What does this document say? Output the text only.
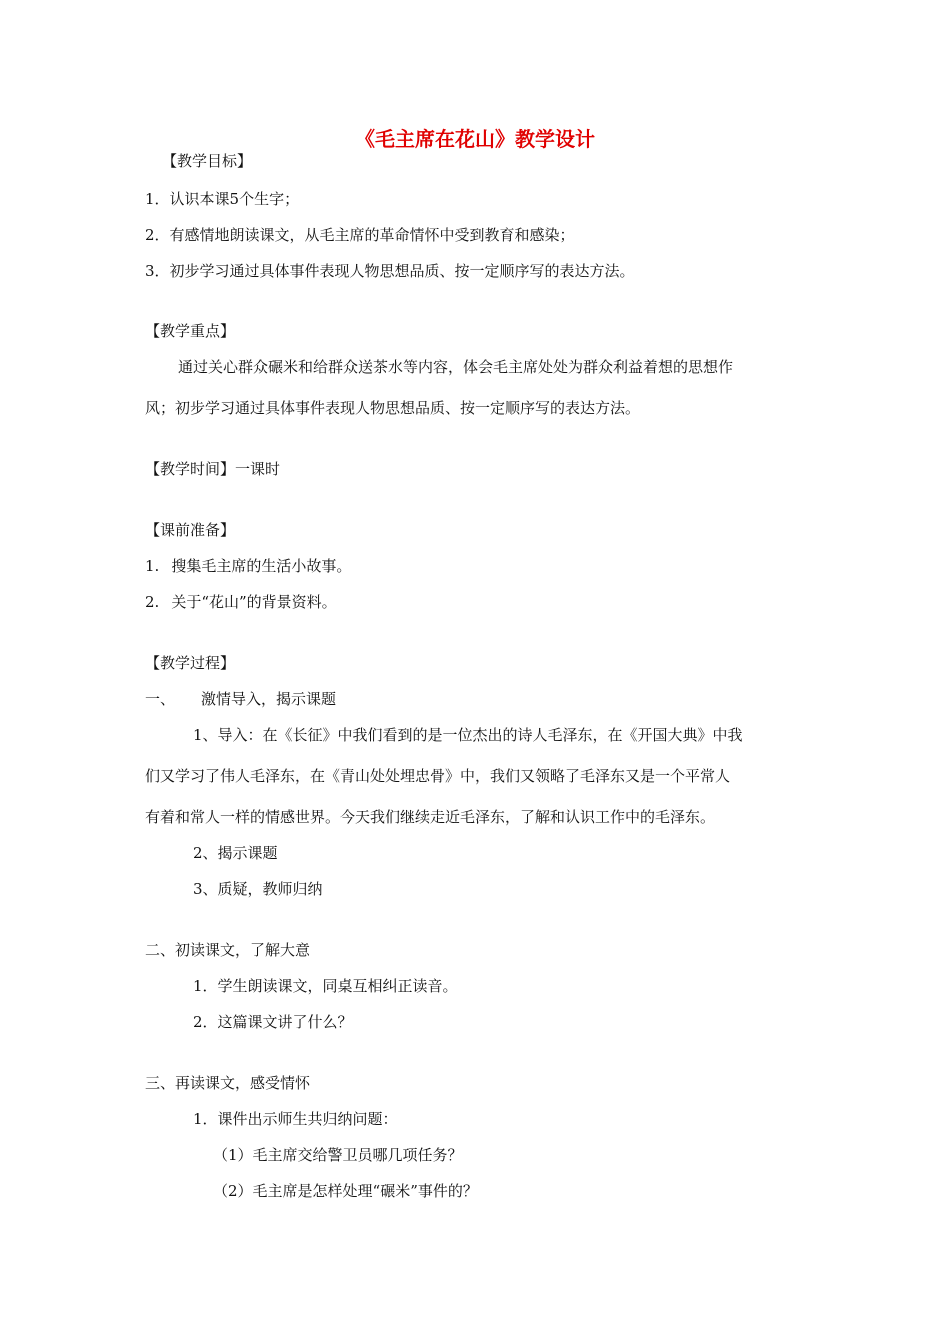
《毛主席在花山》教学设计
【教学目标】
1．认识本课5个生字；
2．有感情地朗读课文，从毛主席的革命情怀中受到教育和感染；
3．初步学习通过具体事件表现人物思想品质、按一定顺序写的表达方法。
【教学重点】
通过关心群众碾米和给群众送茶水等内容，体会毛主席处处为群众利益着想的思想作
风；初步学习通过具体事件表现人物思想品质、按一定顺序写的表达方法。
【教学时间】一课时
【课前准备】
1. 搜集毛主席的生活小故事。
2. 关于“花山”的背景资料。
【教学过程】
一、 激情导入，揭示课题
1、导入：在《长征》中我们看到的是一位杰出的诗人毛泽东，在《开国大典》中我
们又学习了伟人毛泽东，在《青山处处埋忠骨》中，我们又领略了毛泽东又是一个平常人
有着和常人一样的情感世界。今天我们继续走近毛泽东，了解和认识工作中的毛泽东。
2、揭示课题
3、质疑，教师归纳
二、初读课文，了解大意
1．学生朗读课文，同桌互相纠正读音。
2．这篇课文讲了什么？
三、再读课文，感受情怀
1．课件出示师生共归纳问题：
（1）毛主席交给警卫员哪几项任务？
（2）毛主席是怎样处理“碾米”事件的？
